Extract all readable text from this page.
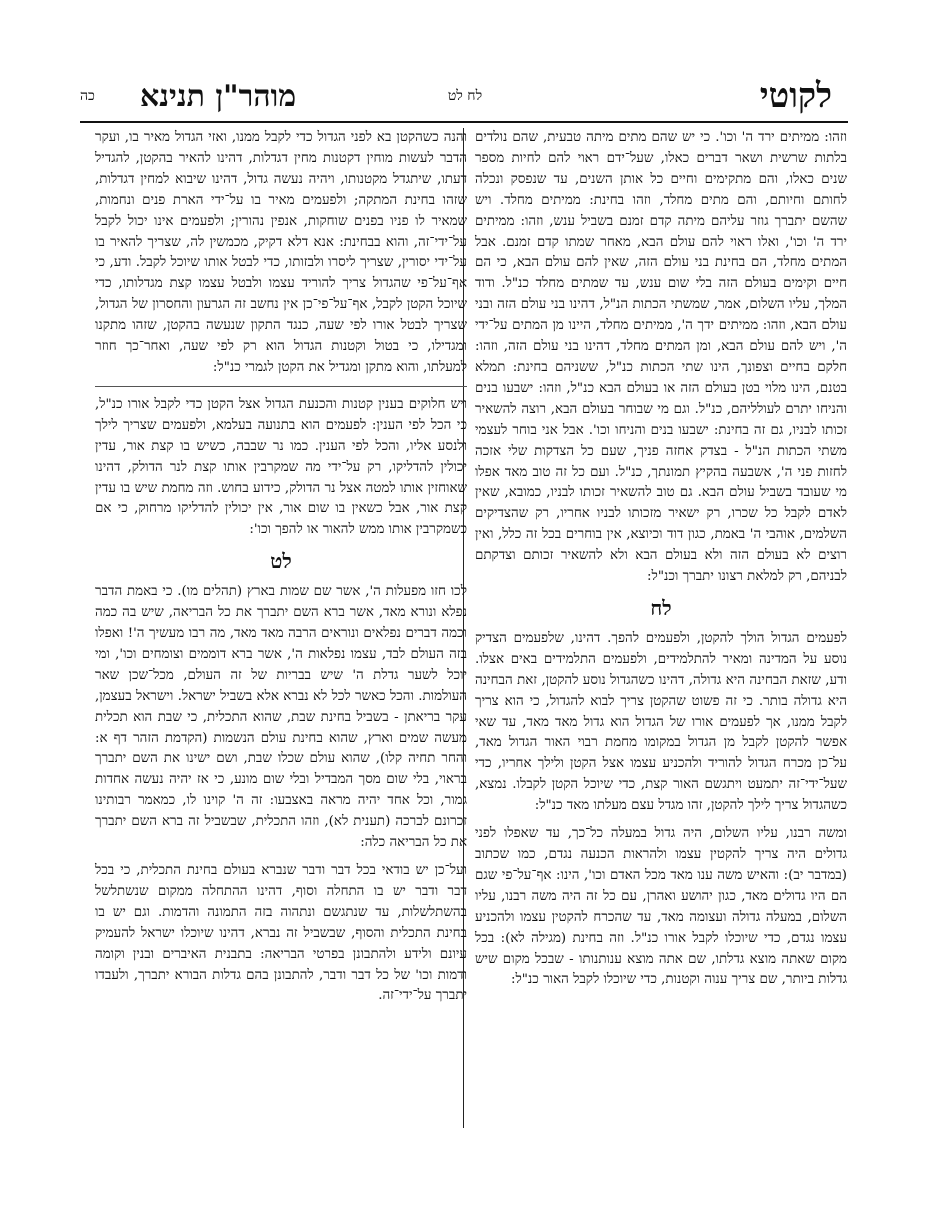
לקוטי
לח לט
מוהר"ן תנינא
כה

וזהו: ממיתים ירד ה' וכו'. כי יש שהם מתים מיתה טבעית, שהם נולדים בלתות שרשית ושאר דברים כאלו, שעל־ידם ראוי להם לחיות מספר שנים כאלו, והם מתקימים וחיים כל אותן השנים, עד שנפסק ונכלה לחותם וחיותם, והם מתים מחלד, וזהו בחינת: ממיתים מחלד. ויש שהשם יתברך גוזר עליהם מיתה קדם זמנם בשביל ענש, וזהו: ממיתים ירד ה' וכו', ואלו ראוי להם עולם הבא, מאחר שמתו קדם זמנם. אבל המתים מחלד, הם בחינת בני עולם הזה, שאין להם עולם הבא, כי הם חיים וקימים בעולם הזה בלי שום ענש, עד שמתים מחלד כנ"ל. ודוד המלך, עליו השלום, אמר, שמשתי הכתות הנ"ל, דהינו בני עולם הזה ובני עולם הבא, וזהו: ממיתים ידך ה', ממיתים מחלד, היינו מן המתים על־ידי ה', ויש להם עולם הבא, ומן המתים מחלד, דהינו בני עולם הזה, וזהו: חלקם בחיים וצפונך, הינו שתי הכתות כנ"ל, ששניהם בחינת: תמלא בטנם, הינו מלוי בטן בעולם הזה או בעולם הבא כנ"ל, וזהו: ישבעו בנים והניחו יתרם לעולליהם, כנ"ל. וגם מי שבוחר בעולם הבא, רוצה להשאיר זכותו לבניו, גם זה בחינת: ישבעו בנים והניחו וכו'. אבל אני בוחר לעצמי משתי הכתות הנ"ל - בצדק אחזה פניך, שעם כל הצדקות שלי אזכה לחזות פני ה', אשבעה בהקיץ תמונתך, כנ"ל. ועם כל זה טוב מאד אפלו מי שעובד בשביל עולם הבא. גם טוב להשאיר זכותו לבניו, כמובא, שאין לאדם לקבל כל שכרו, רק ישאיר מזכותו לבניו אחריו, רק שהצדיקים השלמים, אוהבי ה' באמת, כגון דוד וכיוצא, אין בוחרים בכל זה כלל, ואין רוצים לא בעולם הזה ולא בעולם הבא ולא להשאיר זכותם וצדקתם לבניהם, רק למלאת רצונו יתברך וכנ"ל:

לח

לפעמים הגדול הולך להקטן, ולפעמים להפך. דהינו, שלפעמים הצדיק נוסע על המדינה ומאיר להתלמידים, ולפעמים התלמידים באים אצלו. ודע, שזאת הבחינה היא גדולה, דהינו כשהגדול נוסע להקטן, זאת הבחינה היא גדולה בותר. כי זה פשוט שהקטן צריך לבוא להגדול, כי הוא צריך לקבל ממנו, אך לפעמים אורו של הגדול הוא גדול מאד מאד, עד שאי אפשר להקטן לקבל מן הגדול במקומו מחמת רבוי האור הגדול מאד, על־כן מכרח הגדול להוריד ולהכניע עצמו אצל הקטן ולילך אחריו, כדי שעל־ידי־זה יתמעט ויתגשם האור קצת, כדי שיוכל הקטן לקבלו. נמצא, כשהגדול צריך לילך להקטן, זהו מגדל עצם מעלתו מאד כנ"ל:

ומשה רבנו, עליו השלום, היה גדול במעלה כל־כך, עד שאפלו לפני גדולים היה צריך להקטין עצמו ולהראות הכנעה נגדם, כמו שכתוב (במדבר יב): והאיש משה ענו מאד מכל האדם וכו', הינו: אף־על־פי שגם הם היו גדולים מאד, כגון יהושע ואהרן, עם כל זה היה משה רבנו, עליו השלום, במעלה גדולה ועצומה מאד, עד שהכרח להקטין עצמו ולהכניע עצמו נגדם, כדי שיוכלו לקבל אורו כנ"ל. וזה בחינת (מגילה לא): בכל מקום שאתה מוצא גדלתו, שם אתה מוצא ענותנותו - שבכל מקום שיש גדלות ביותר, שם צריך ענוה וקטנות, כדי שיוכלו לקבל האור כנ"ל:

והנה כשהקטן בא לפני הגדול כדי לקבל ממנו, ואזי הגדול מאיר בו, ועקר הדבר לעשות מוחין דקטנות מחין דגדלות, דהינו להאיר בהקטן, להגדיל דעתו, שיתגדל מקטנותו, ויהיה נעשה גדול, דהינו שיבוא למחין דגדלות, שזהו בחינת המתקה; ולפעמים מאיר בו על־ידי הארת פנים ונחמות, שמאיר לו פניו בפנים שוחקות, אנפין נהורין; ולפעמים אינו יכול לקבל על־ידי־זה, והוא בבחינת: אנא דלא דקיק, מכמשין לה, שצריך להאיר בו על־ידי יסורין, שצריך ליסרו ולבזותו, כדי לבטל אותו שיוכל לקבל. ודע, כי אף־על־פי שהגדול צריך להוריד עצמו ולבטל עצמו קצת מגדלותו, כדי שיוכל הקטן לקבל, אף־על־פי־כן אין נחשב זה הגרעון והחסרון של הגדול, שצריך לבטל אורו לפי שעה, כנגד התקון שנעשה בהקטן, שזהו מתקנו ומגדילו, כי בטול וקטנות הגדול הוא רק לפי שעה, ואחר־כך חוזר למעלתו, והוא מתקן ומגדיל את הקטן לגמרי כנ"ל:

ויש חלוקים בענין קטנות והכנעת הגדול אצל הקטן כדי לקבל אורו כנ"ל, כי הכל לפי הענין: לפעמים הוא בתנועה בעלמא, ולפעמים שצריך לילך ולנסע אליו, והכל לפי הענין. כמו נר שבבה, כשיש בו קצת אור, עדין יכולין להדליקו, רק על־ידי מה שמקרבין אותו קצת לנר הדולק, דהינו שאוחזין אותו למטה אצל נר הדולק, כידוע בחוש. וזה מחמת שיש בו עדין קצת אור, אבל כשאין בו שום אור, אין יכולין להדליקו מרחוק, כי אם כשמקרבין אותו ממש להאור או להפך וכו':

לט

לכו חזו מפעלות ה', אשר שם שמות בארץ (תהלים מו). כי באמת הדבר נפלא ונורא מאד, אשר ברא השם יתברך את כל הבריאה, שיש בה כמה וכמה דברים נפלאים ונוראים הרבה מאד מאד, מה רבו מעשיך ה'! ואפלו בזה העולם לבד, עצמו נפלאות ה', אשר ברא דוממים וצומחים וכו', ומי יוכל לשער גדלת ה' שיש בבריות של זה העולם, מכל־שכן שאר העולמות. והכל כאשר לכל לא נברא אלא בשביל ישראל. וישראל בעצמן, עקר בריאתן - בשביל בחינת שבת, שהוא התכלית, כי שבת הוא תכלית מעשה שמים וארץ, שהוא בחינת עולם הנשמות (הקדמת הזהר דף א: והחר תחיה קלו), שהוא עולם שכלו שבת, ושם ישינו את השם יתברך בראוי, בלי שום מסך המבדיל ובלי שום מונע, כי אז יהיה נעשה אחדות גמור, וכל אחד יהיה מראה באצבעו: זה ה' קוינו לו, כמאמר רבותינו זכרונם לברכה (תענית לא), וזהו התכלית, שבשביל זה ברא השם יתברך את כל הבריאה כלה:

ועל־כן יש בודאי בכל דבר ודבר שנברא בעולם בחינת התכלית, כי בכל דבר ודבר יש בו התחלה וסוף, דהינו ההתחלה ממקום שנשתלשל בהשתלשלות, עד שנתגשם ונתהוה בזה התמונה והדמות. וגם יש בו בחינת התכלית והסוף, שבשביל זה נברא, דהינו שיוכלו ישראל להעמיק עיונם ולידע ולהתבונן בפרטי הבריאה: בתבנית האיברים ובנין וקומה ודמות וכו' של כל דבר ודבר, להתבונן בהם גדלות הבורא יתברך, ולעבדו יתברך על־ידי־זה.
